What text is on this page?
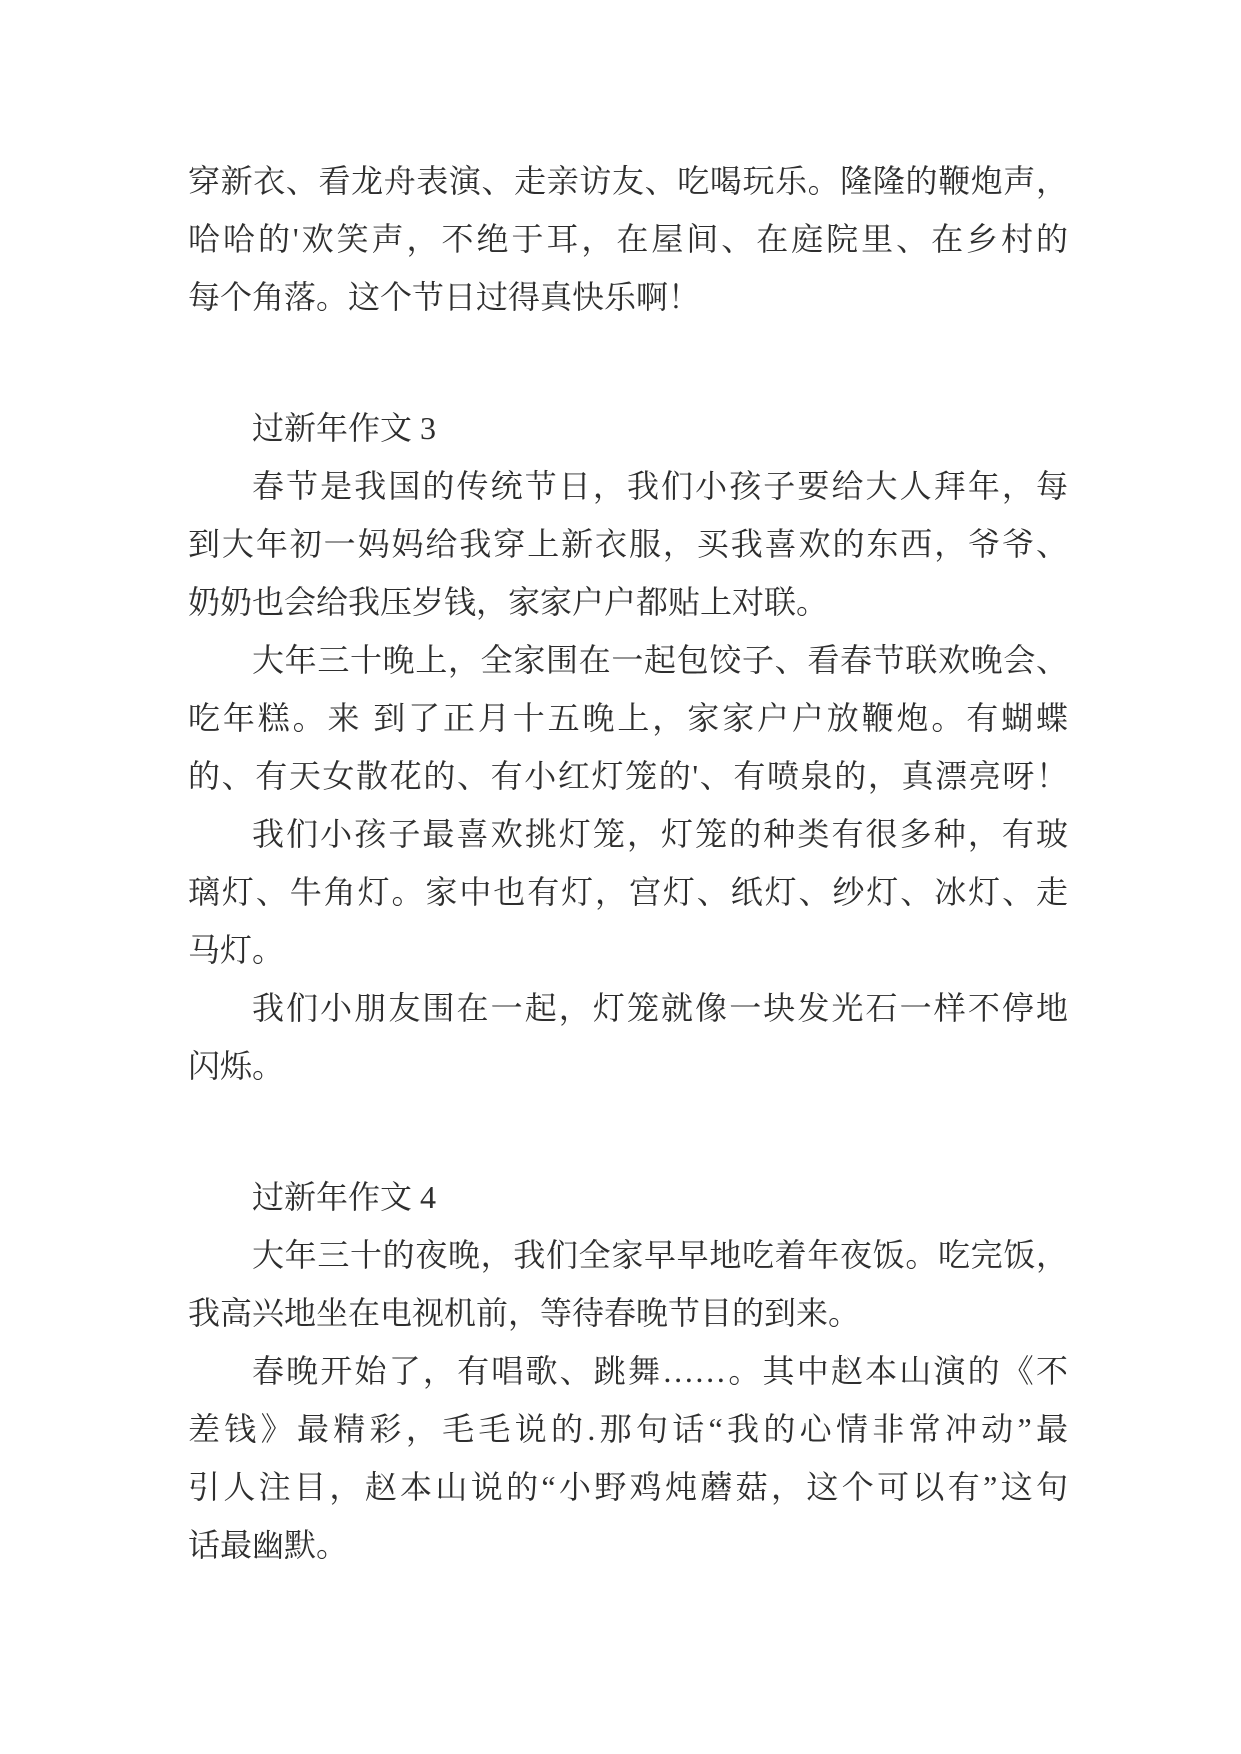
穿新衣、看龙舟表演、走亲访友、吃喝玩乐。隆隆的鞭炮声，
哈哈的'欢笑声，不绝于耳，在屋间、在庭院里、在乡村的
每个角落。这个节日过得真快乐啊！
过新年作文 3
春节是我国的传统节日，我们小孩子要给大人拜年，每
到大年初一妈妈给我穿上新衣服，买我喜欢的东西，爷爷、
奶奶也会给我压岁钱，家家户户都贴上对联。
大年三十晚上，全家围在一起包饺子、看春节联欢晚会、
吃年糕。来 到了正月十五晚上，家家户户放鞭炮。有蝴蝶
的、有天女散花的、有小红灯笼的'、有喷泉的，真漂亮呀！
我们小孩子最喜欢挑灯笼，灯笼的种类有很多种，有玻
璃灯、牛角灯。家中也有灯，宫灯、纸灯、纱灯、冰灯、走
马灯。
我们小朋友围在一起，灯笼就像一块发光石一样不停地
闪烁。
过新年作文 4
大年三十的夜晚，我们全家早早地吃着年夜饭。吃完饭，
我高兴地坐在电视机前，等待春晚节目的到来。
春晚开始了，有唱歌、跳舞……。其中赵本山演的《不
差钱》最精彩，毛毛说的.那句话“我的心情非常冲动”最
引人注目，赵本山说的“小野鸡炖蘑菇，这个可以有”这句
话最幽默。
